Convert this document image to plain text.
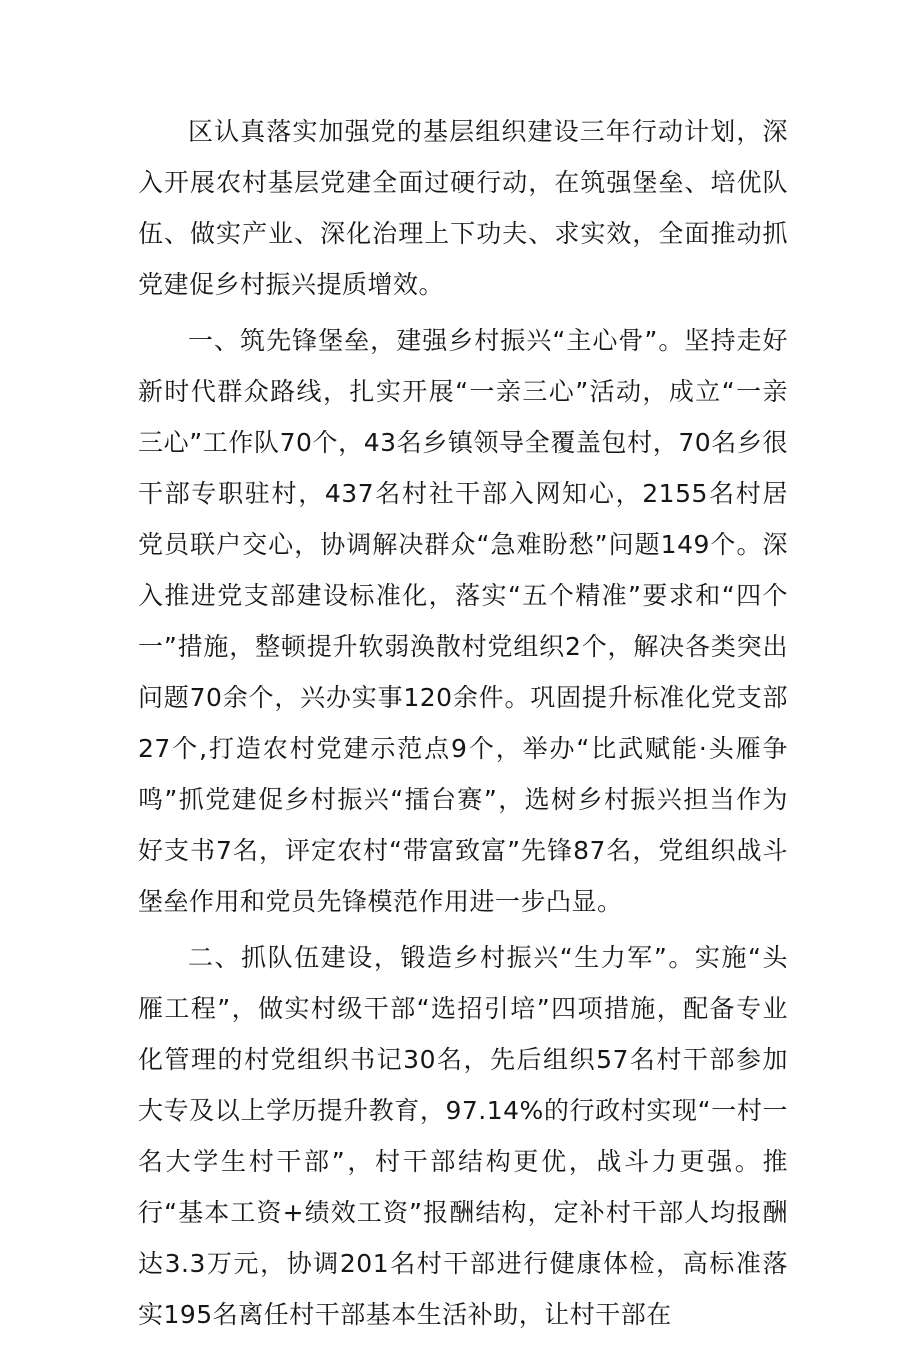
区认真落实加强党的基层组织建设三年行动计划，深入开展农村基层党建全面过硬行动，在筑强堡垒、培优队伍、做实产业、深化治理上下功夫、求实效，全面推动抓党建促乡村振兴提质增效。

一、筑先锋堡垒，建强乡村振兴“主心骨”。坚持走好新时代群众路线，扎实开展“一亲三心”活动，成立“一亲三心”工作队70个，43名乡镇领导全覆盖包村，70名乡很干部专职驻村，437名村社干部入网知心，2155名村居党员联户交心，协调解决群众“急难盼愁”问题149个。深入推进党支部建设标准化，落实“五个精准”要求和“四个一”措施，整顿提升软弱涣散村党组织2个，解决各类突出问题70余个，兴办实事120余件。巩固提升标准化党支部27个,打造农村党建示范点9个，举办“比武赋能·头雁争鸣”抓党建促乡村振兴“擂台赛”，选树乡村振兴担当作为好支书7名，评定农村“带富致富”先锋87名，党组织战斗堡垒作用和党员先锋模范作用进一步凸显。

二、抓队伍建设，锻造乡村振兴“生力军”。实施“头雁工程”，做实村级干部“选招引培”四项措施，配备专业化管理的村党组织书记30名，先后组织57名村干部参加大专及以上学历提升教育，97.14%的行政村实现“一村一名大学生村干部”，村干部结构更优，战斗力更强。推行“基本工资+绩效工资”报酬结构，定补村干部人均报酬达3.3万元，协调201名村干部进行健康体检，高标准落实195名离任村干部基本生活补助，让村干部在
